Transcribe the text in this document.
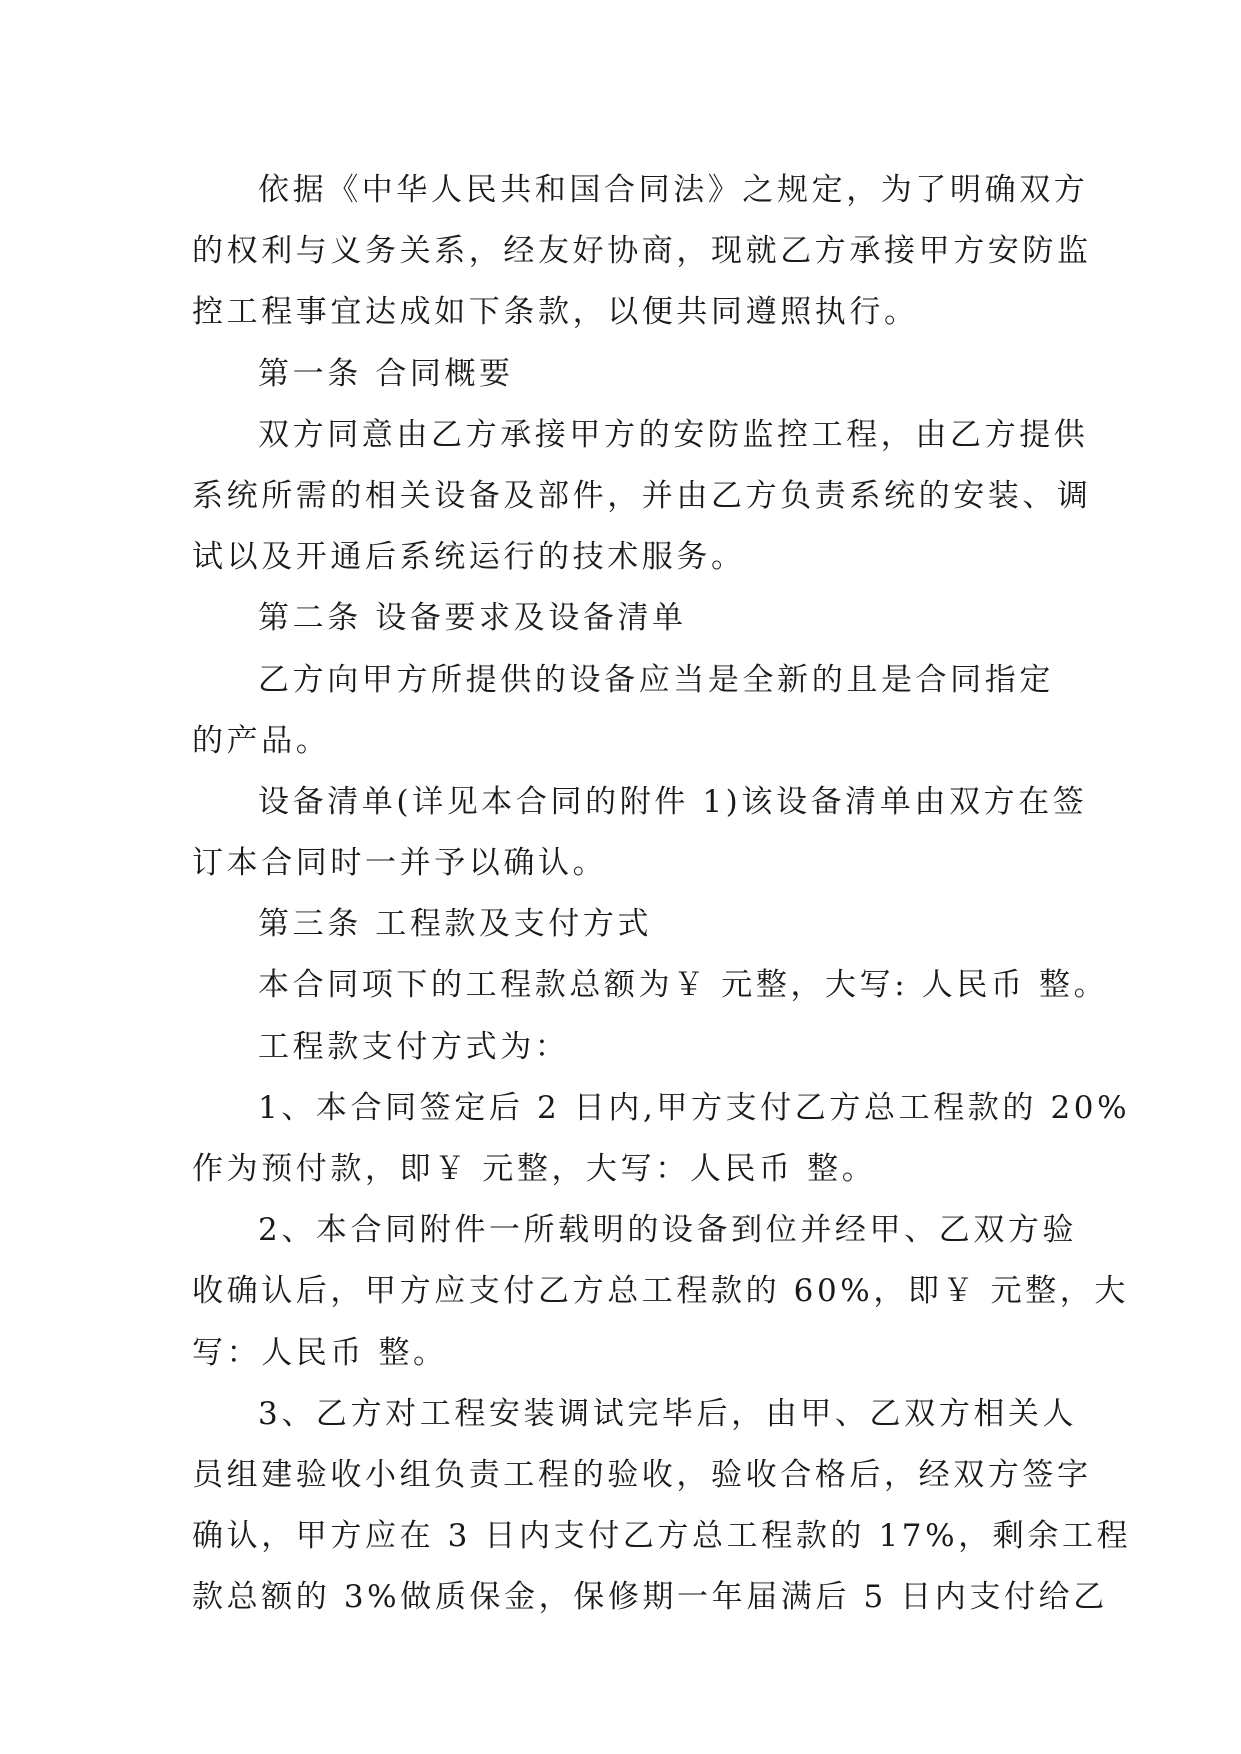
依据《中华人民共和国合同法》之规定，为了明确双方
的权利与义务关系，经友好协商，现就乙方承接甲方安防监
控工程事宜达成如下条款，以便共同遵照执行。
第一条 合同概要
双方同意由乙方承接甲方的安防监控工程，由乙方提供
系统所需的相关设备及部件，并由乙方负责系统的安装、调
试以及开通后系统运行的技术服务。
第二条 设备要求及设备清单
乙方向甲方所提供的设备应当是全新的且是合同指定
的产品。
设备清单(详见本合同的附件 1)该设备清单由双方在签
订本合同时一并予以确认。
第三条 工程款及支付方式
本合同项下的工程款总额为￥ 元整，大写: 人民币 整。
工程款支付方式为：
1、本合同签定后 2 日内,甲方支付乙方总工程款的 20%
作为预付款，即￥ 元整，大写：人民币 整。
2、本合同附件一所载明的设备到位并经甲、乙双方验
收确认后，甲方应支付乙方总工程款的 60%，即￥ 元整，大
写：人民币 整。
3、乙方对工程安装调试完毕后，由甲、乙双方相关人
员组建验收小组负责工程的验收，验收合格后，经双方签字
确认，甲方应在 3 日内支付乙方总工程款的 17%，剩余工程
款总额的 3%做质保金，保修期一年届满后 5 日内支付给乙
